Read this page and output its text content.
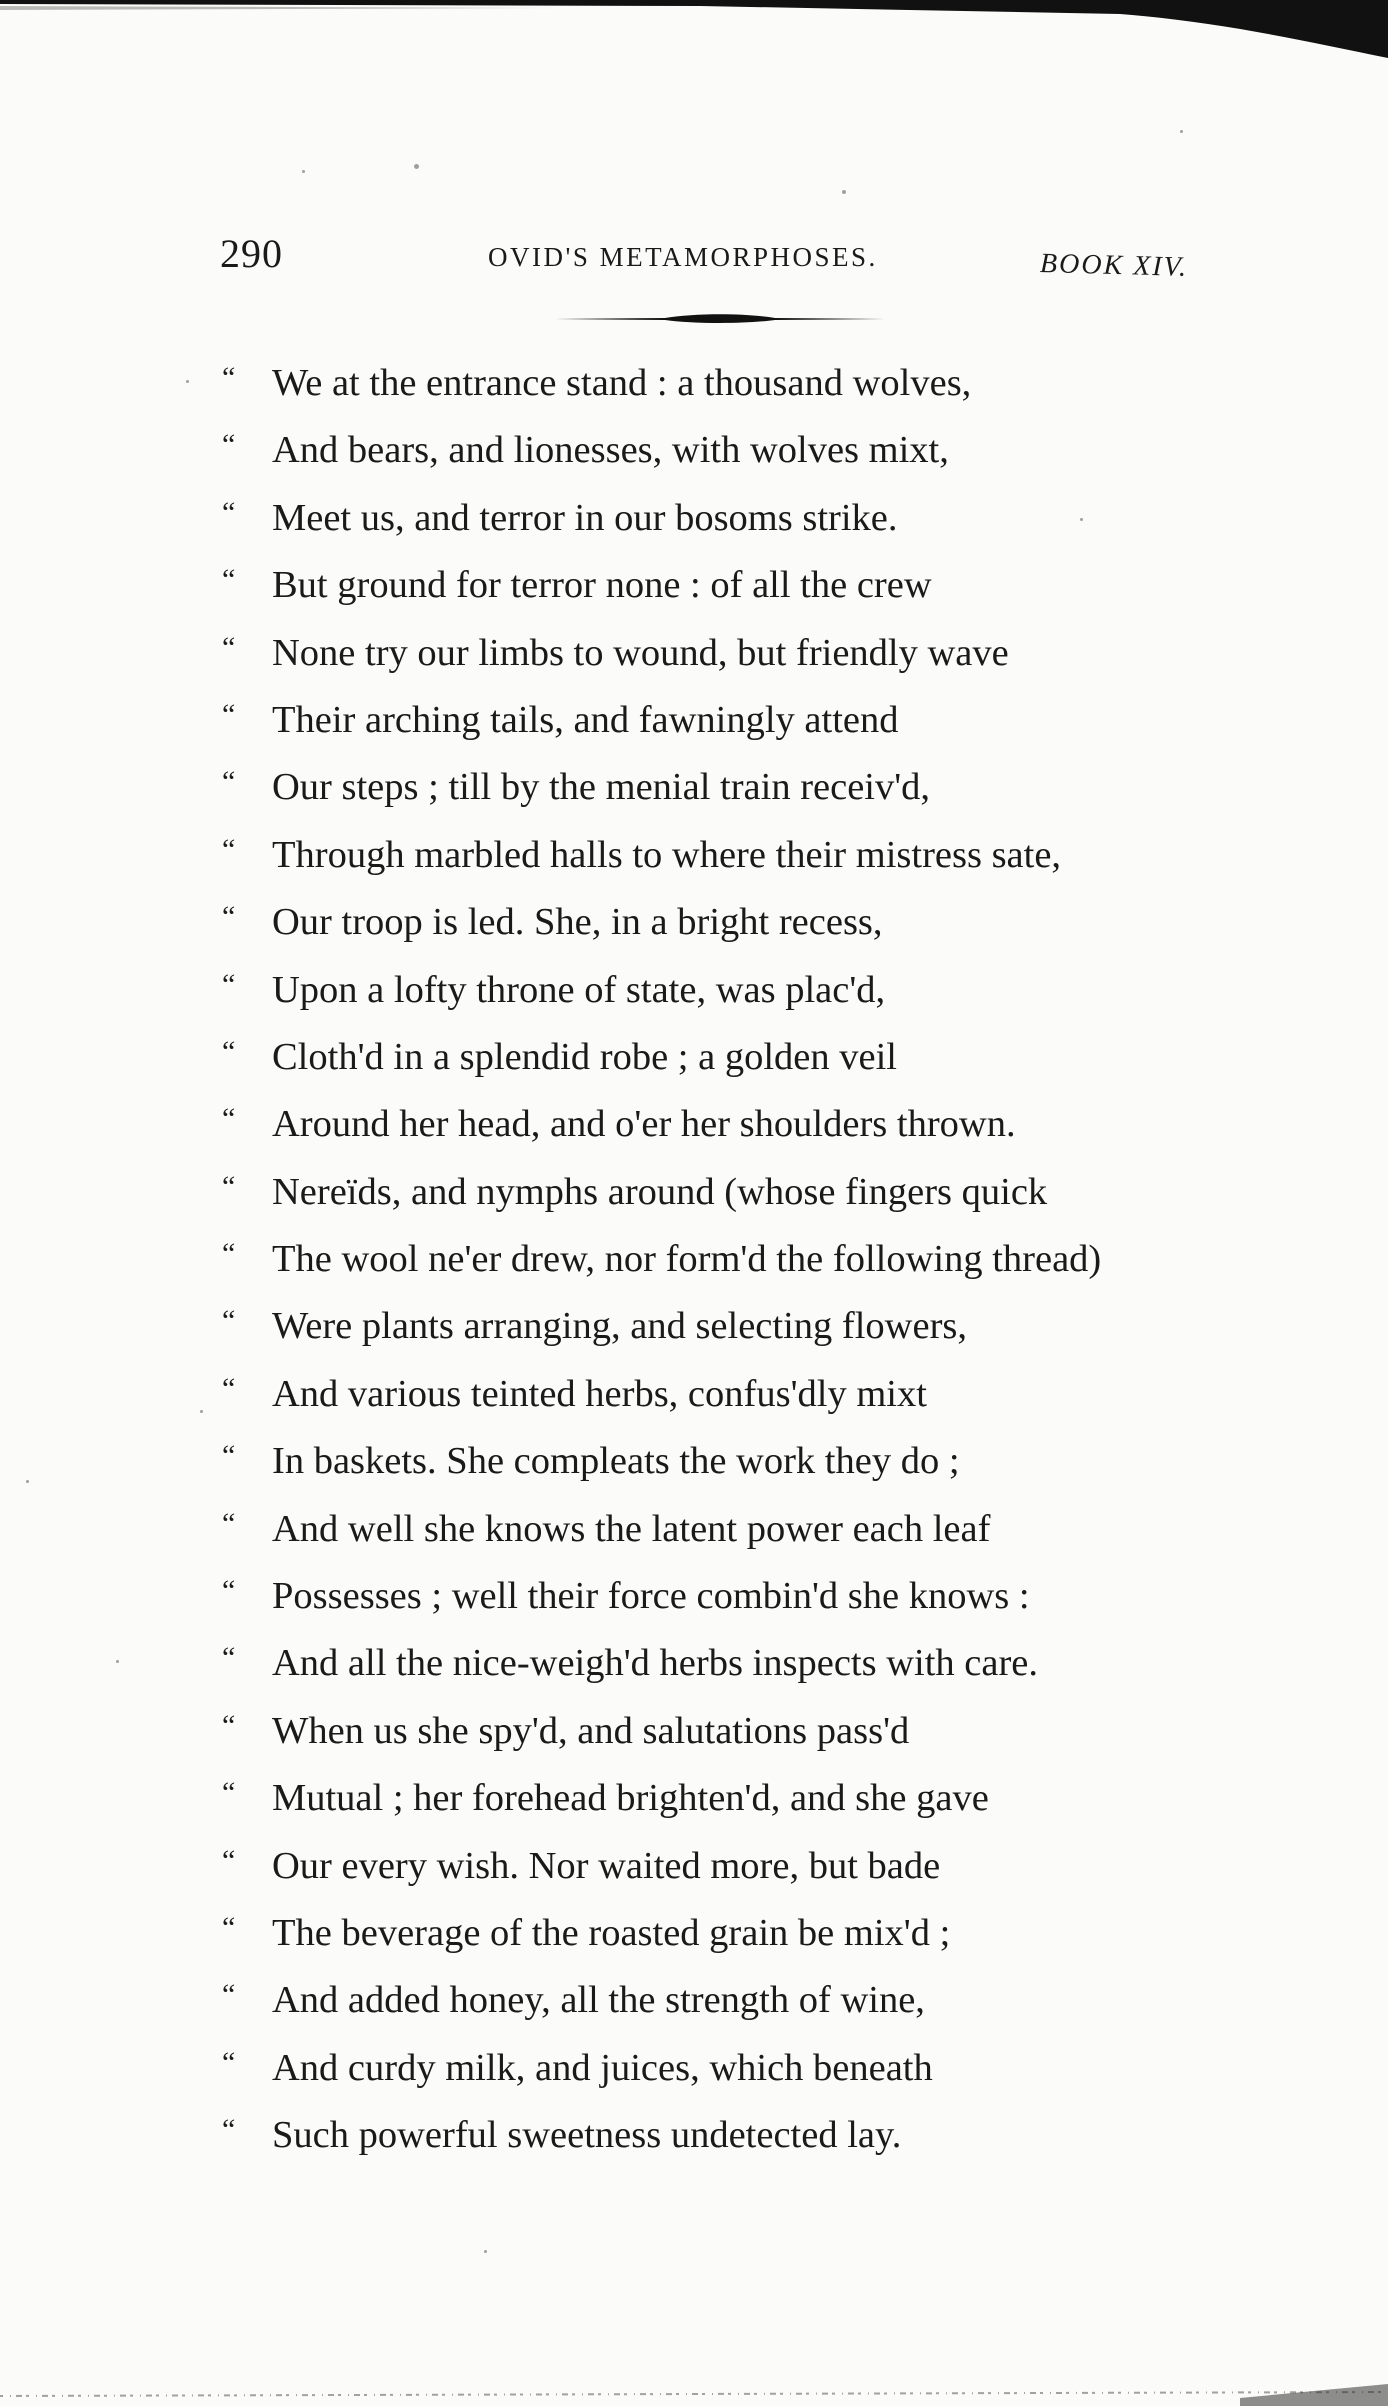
290	OVID'S METAMORPHOSES.	BOOK XIV.
“ We at the entrance stand : a thousand wolves,
“ And bears, and lionesses, with wolves mixt,
“ Meet us, and terror in our bosoms strike.
“ But ground for terror none : of all the crew
“ None try our limbs to wound, but friendly wave
“ Their arching tails, and fawningly attend
“ Our steps ; till by the menial train receiv'd,
“ Through marbled halls to where their mistress sate,
“ Our troop is led. She, in a bright recess,
“ Upon a lofty throne of state, was plac'd,
“ Cloth'd in a splendid robe ; a golden veil
“ Around her head, and o'er her shoulders thrown.
“ Nereïds, and nymphs around (whose fingers quick
“ The wool ne'er drew, nor form'd the following thread)
“ Were plants arranging, and selecting flowers,
“ And various teinted herbs, confus'dly mixt
“ In baskets. She compleats the work they do ;
“ And well she knows the latent power each leaf
“ Possesses ; well their force combin'd she knows :
“ And all the nice-weigh'd herbs inspects with care.
“ When us she spy'd, and salutations pass'd
“ Mutual ; her forehead brighten'd, and she gave
“ Our every wish. Nor waited more, but bade
“ The beverage of the roasted grain be mix'd ;
“ And added honey, all the strength of wine,
“ And curdy milk, and juices, which beneath
“ Such powerful sweetness undetected lay.
